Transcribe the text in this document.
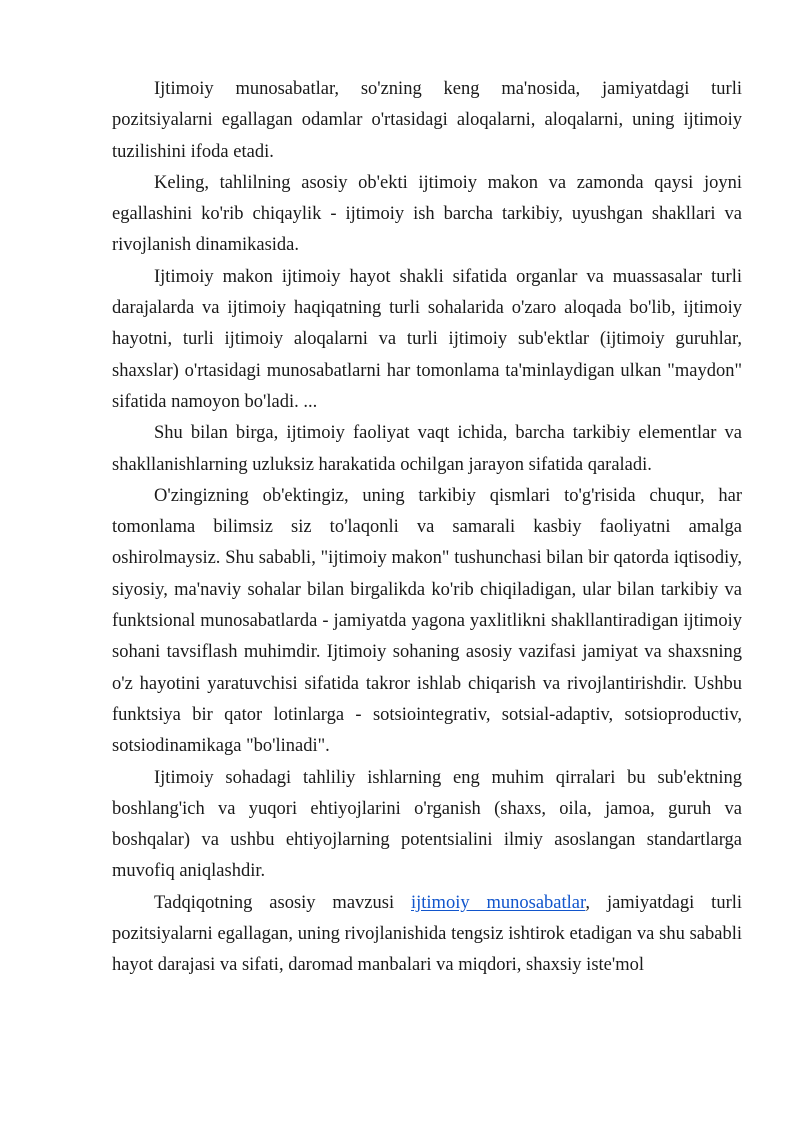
Ijtimoiy munosabatlar, so'zning keng ma'nosida, jamiyatdagi turli pozitsiyalarni egallagan odamlar o'rtasidagi aloqalarni, aloqalarni, uning ijtimoiy tuzilishini ifoda etadi.

Keling, tahlilning asosiy ob'ekti ijtimoiy makon va zamonda qaysi joyni egallashini ko'rib chiqaylik - ijtimoiy ish barcha tarkibiy, uyushgan shakllari va rivojlanish dinamikasida.

Ijtimoiy makon ijtimoiy hayot shakli sifatida organlar va muassasalar turli darajalarda va ijtimoiy haqiqatning turli sohalarida o'zaro aloqada bo'lib, ijtimoiy hayotni, turli ijtimoiy aloqalarni va turli ijtimoiy sub'ektlar (ijtimoiy guruhlar, shaxslar) o'rtasidagi munosabatlarni har tomonlama ta'minlaydigan ulkan "maydon" sifatida namoyon bo'ladi. ...

Shu bilan birga, ijtimoiy faoliyat vaqt ichida, barcha tarkibiy elementlar va shakllanishlarning uzluksiz harakatida ochilgan jarayon sifatida qaraladi.

O'zingizning ob'ektingiz, uning tarkibiy qismlari to'g'risida chuqur, har tomonlama bilimsiz siz to'laqonli va samarali kasbiy faoliyatni amalga oshirolmaysiz. Shu sababli, "ijtimoiy makon" tushunchasi bilan bir qatorda iqtisodiy, siyosiy, ma'naviy sohalar bilan birgalikda ko'rib chiqiladigan, ular bilan tarkibiy va funktsional munosabatlarda - jamiyatda yagona yaxlitlikni shakllantiradigan ijtimoiy sohani tavsiflash muhimdir. Ijtimoiy sohaning asosiy vazifasi jamiyat va shaxsning o'z hayotini yaratuvchisi sifatida takror ishlab chiqarish va rivojlantirishdir. Ushbu funktsiya bir qator lotinlarga - sotsiointegrativ, sotsial-adaptiv, sotsioproductiv, sotsiodinamikaga "bo'linadi".

Ijtimoiy sohadagi tahliliy ishlarning eng muhim qirralari bu sub'ektning boshlang'ich va yuqori ehtiyojlarini o'rganish (shaxs, oila, jamoa, guruh va boshqalar) va ushbu ehtiyojlarning potentsialini ilmiy asoslangan standartlarga muvofiq aniqlashdir.

Tadqiqotning asosiy mavzusi ijtimoiy munosabatlar, jamiyatdagi turli pozitsiyalarni egallagan, uning rivojlanishida tengsiz ishtirok etadigan va shu sababli hayot darajasi va sifati, daromad manbalari va miqdori, shaxsiy iste'mol
